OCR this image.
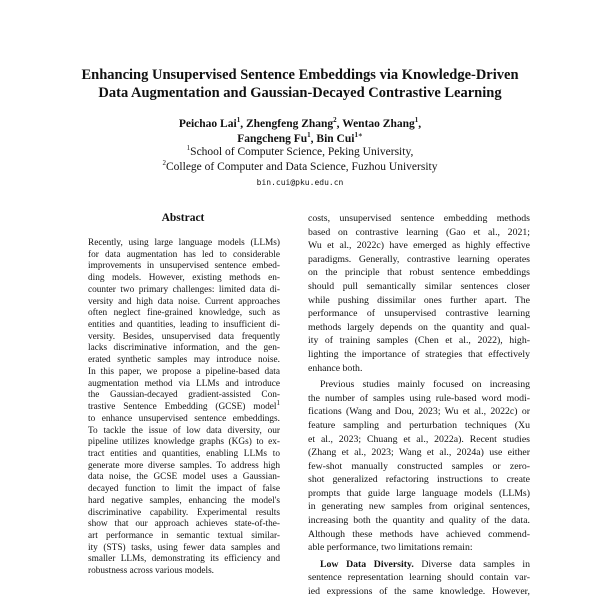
Enhancing Unsupervised Sentence Embeddings via Knowledge-Driven
Data Augmentation and Gaussian-Decayed Contrastive Learning
Peichao Lai$^1$, Zhengfeng Zhang$^2$, Wentao Zhang$^1$,
Fangcheng Fu$^1$, Bin Cui$^{1∗}$
$^1$School of Computer Science, Peking University,
$^2$College of Computer and Data Science, Fuzhou University
bin.cui@pku.edu.cn
Abstract
Recently, using large language models (LLMs)
for data augmentation has led to considerable
improvements in unsupervised sentence embed-
ding models. However, existing methods en-
counter two primary challenges: limited data di-
versity and high data noise. Current approaches
often neglect fine-grained knowledge, such as
entities and quantities, leading to insufficient di-
versity. Besides, unsupervised data frequently
lacks discriminative information, and the gen-
erated synthetic samples may introduce noise.
In this paper, we propose a pipeline-based data
augmentation method via LLMs and introduce
the Gaussian-decayed gradient-assisted Con-
trastive Sentence Embedding (GCSE) model$^1$
to enhance unsupervised sentence embeddings.
To tackle the issue of low data diversity, our
pipeline utilizes knowledge graphs (KGs) to ex-
tract entities and quantities, enabling LLMs to
generate more diverse samples. To address high
data noise, the GCSE model uses a Gaussian-
decayed function to limit the impact of false
hard negative samples, enhancing the model's
discriminative capability. Experimental results
show that our approach achieves state-of-the-
art performance in semantic textual similar-
ity (STS) tasks, using fewer data samples and
smaller LLMs, demonstrating its efficiency and
robustness across various models.
costs, unsupervised sentence embedding methods
based on contrastive learning (Gao et al., 2021;
Wu et al., 2022c) have emerged as highly effective
paradigms. Generally, contrastive learning operates
on the principle that robust sentence embeddings
should pull semantically similar sentences closer
while pushing dissimilar ones further apart. The
performance of unsupervised contrastive learning
methods largely depends on the quantity and qual-
ity of training samples (Chen et al., 2022), high-
lighting the importance of strategies that effectively
enhance both.
Previous studies mainly focused on increasing
the number of samples using rule-based word modi-
fications (Wang and Dou, 2023; Wu et al., 2022c) or
feature sampling and perturbation techniques (Xu
et al., 2023; Chuang et al., 2022a). Recent studies
(Zhang et al., 2023; Wang et al., 2024a) use either
few-shot manually constructed samples or zero-
shot generalized refactoring instructions to create
prompts that guide large language models (LLMs)
in generating new samples from original sentences,
increasing both the quantity and quality of the data.
Although these methods have achieved commend-
able performance, two limitations remain:
Low Data Diversity. Diverse data samples in
sentence representation learning should contain var-
ied expressions of the same knowledge. However,
